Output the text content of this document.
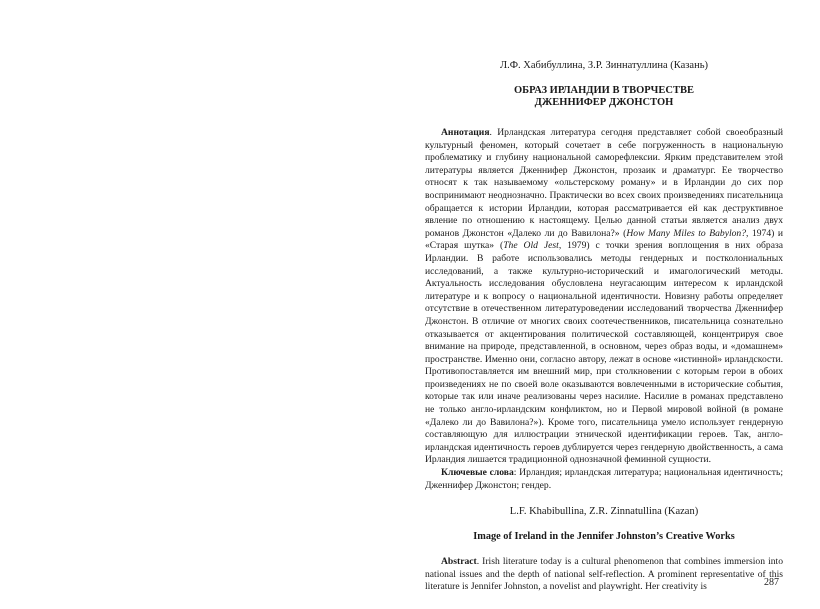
Л.Ф. Хабибуллина, З.Р. Зиннатуллина (Казань)

ОБРАЗ ИРЛАНДИИ В ТВОРЧЕСТВЕ
ДЖЕННИФЕР ДЖОНСТОН

Аннотация. Ирландская литература сегодня представляет собой своеобразный культурный феномен, который сочетает в себе погруженность в национальную проблематику и глубину национальной саморефлексии. Ярким представителем этой литературы является Дженнифер Джонстон, прозаик и драматург. Ее творчество относят к так называемому «ольстерскому роману» и в Ирландии до сих пор воспринимают неоднозначно. Практически во всех своих произведениях писательница обращается к истории Ирландии, которая рассматривается ей как деструктивное явление по отношению к настоящему. Целью данной статьи является анализ двух романов Джонстон «Далеко ли до Вавилона?» (How Many Miles to Babylon?, 1974) и «Старая шутка» (The Old Jest, 1979) с точки зрения воплощения в них образа Ирландии. В работе использовались методы гендерных и постколониальных исследований, а также культурно-исторический и имагологический методы. Актуальность исследования обусловлена неугасающим интересом к ирландской литературе и к вопросу о национальной идентичности. Новизну работы определяет отсутствие в отечественном литературоведении исследований творчества Дженнифер Джонстон. В отличие от многих своих соотечественников, писательница сознательно отказывается от акцентирования политической составляющей, концентрируя свое внимание на природе, представленной, в основном, через образ воды, и «домашнем» пространстве. Именно они, согласно автору, лежат в основе «истинной» ирландскости. Противопоставляется им внешний мир, при столкновении с которым герои в обоих произведениях не по своей воле оказываются вовлеченными в исторические события, которые так или иначе реализованы через насилие. Насилие в романах представлено не только англо-ирландским конфликтом, но и Первой мировой войной (в романе «Далеко ли до Вавилона?»). Кроме того, писательница умело использует гендерную составляющую для иллюстрации этнической идентификации героев. Так, англо-ирландская идентичность героев дублируется через гендерную двойственность, а сама Ирландия лишается традиционной однозначной феминной сущности.

Ключевые слова: Ирландия; ирландская литература; национальная идентичность; Дженнифер Джонстон; гендер.

L.F. Khabibullina, Z.R. Zinnatullina (Kazan)

Image of Ireland in the Jennifer Johnston’s Creative Works

Abstract. Irish literature today is a cultural phenomenon that combines immersion into national issues and the depth of national self-reflection. A prominent representative of this literature is Jennifer Johnston, a novelist and playwright. Her creativity is	287
